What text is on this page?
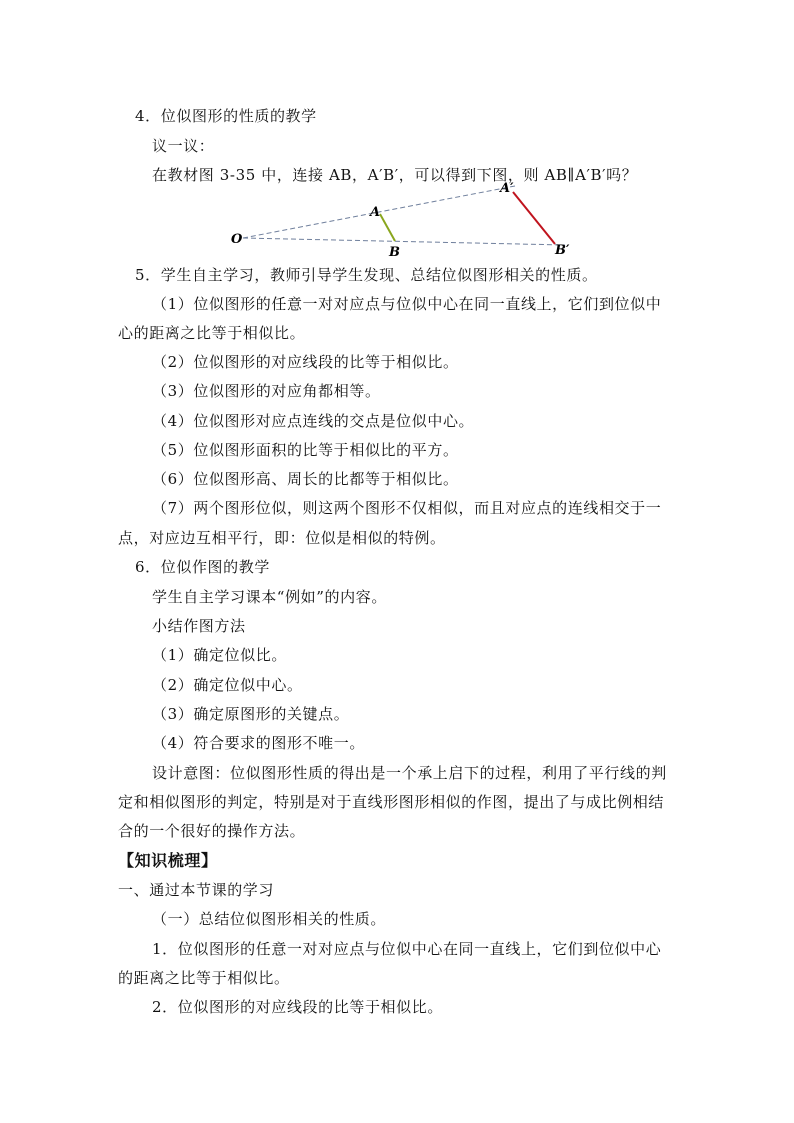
4．位似图形的性质的教学
议一议：
在教材图 3-35 中，连接 AB，A′B′，可以得到下图，则 AB∥A′B′吗？
O
A
B
A′
B′
5．学生自主学习，教师引导学生发现、总结位似图形相关的性质。
（1）位似图形的任意一对对应点与位似中心在同一直线上，它们到位似中
心的距离之比等于相似比。
（2）位似图形的对应线段的比等于相似比。
（3）位似图形的对应角都相等。
（4）位似图形对应点连线的交点是位似中心。
（5）位似图形面积的比等于相似比的平方。
（6）位似图形高、周长的比都等于相似比。
（7）两个图形位似，则这两个图形不仅相似，而且对应点的连线相交于一
点，对应边互相平行，即：位似是相似的特例。
6．位似作图的教学
学生自主学习课本“例如”的内容。
小结作图方法
（1）确定位似比。
（2）确定位似中心。
（3）确定原图形的关键点。
（4）符合要求的图形不唯一。
设计意图：位似图形性质的得出是一个承上启下的过程，利用了平行线的判
定和相似图形的判定，特别是对于直线形图形相似的作图，提出了与成比例相结
合的一个很好的操作方法。
【知识梳理】
一、通过本节课的学习
（一）总结位似图形相关的性质。
1．位似图形的任意一对对应点与位似中心在同一直线上，它们到位似中心
的距离之比等于相似比。
2．位似图形的对应线段的比等于相似比。
